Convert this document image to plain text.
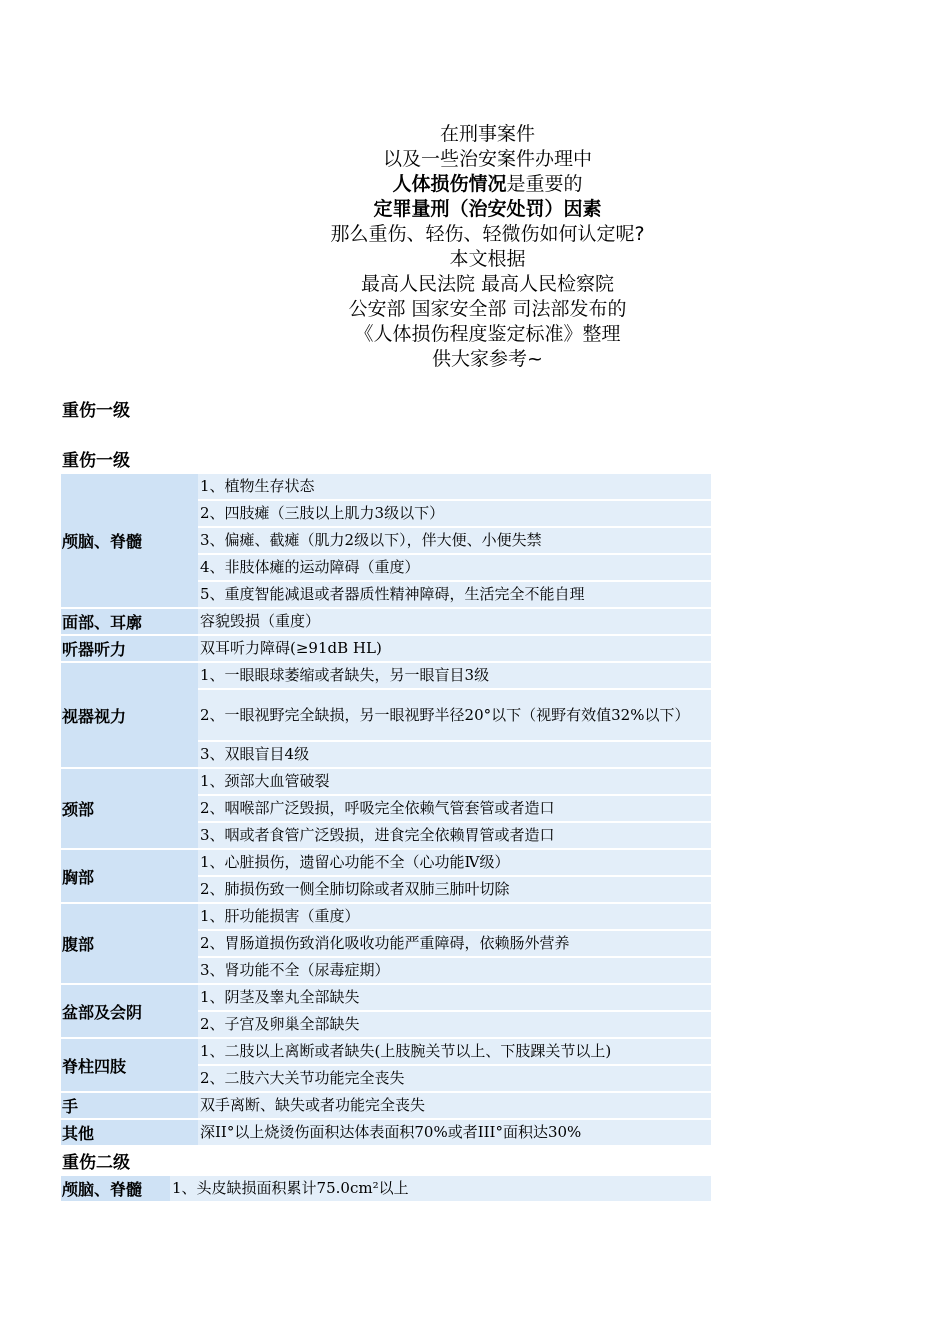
在刑事案件
以及一些治安案件办理中
人体损伤情况是重要的
定罪量刑（治安处罚）因素
那么重伤、轻伤、轻微伤如何认定呢?
本文根据
最高人民法院 最高人民检察院
公安部 国家安全部 司法部发布的
《人体损伤程度鉴定标准》整理
供大家参考~
重伤一级
重伤一级
颅脑、脊髓	1、植物生存状态
	2、四肢瘫（三肢以上肌力3级以下）
	3、偏瘫、截瘫（肌力2级以下），伴大便、小便失禁
	4、非肢体瘫的运动障碍（重度）
	5、重度智能减退或者器质性精神障碍，生活完全不能自理
面部、耳廓	容貌毁损（重度）
听器听力	双耳听力障碍(≥91dB HL)
视器视力	1、一眼眼球萎缩或者缺失，另一眼盲目3级
	2、一眼视野完全缺损，另一眼视野半径20°以下（视野有效值32%以下）
	3、双眼盲目4级
颈部	1、颈部大血管破裂
	2、咽喉部广泛毁损，呼吸完全依赖气管套管或者造口
	3、咽或者食管广泛毁损，进食完全依赖胃管或者造口
胸部	1、心脏损伤，遗留心功能不全（心功能Ⅳ级）
	2、肺损伤致一侧全肺切除或者双肺三肺叶切除
腹部	1、肝功能损害（重度）
	2、胃肠道损伤致消化吸收功能严重障碍，依赖肠外营养
	3、肾功能不全（尿毒症期）
盆部及会阴	1、阴茎及睾丸全部缺失
	2、子宫及卵巢全部缺失
脊柱四肢	1、二肢以上离断或者缺失(上肢腕关节以上、下肢踝关节以上)
	2、二肢六大关节功能完全丧失
手	双手离断、缺失或者功能完全丧失
其他	深II°以上烧烫伤面积达体表面积70%或者III°面积达30%
重伤二级
颅脑、脊髓	1、头皮缺损面积累计75.0cm²以上
